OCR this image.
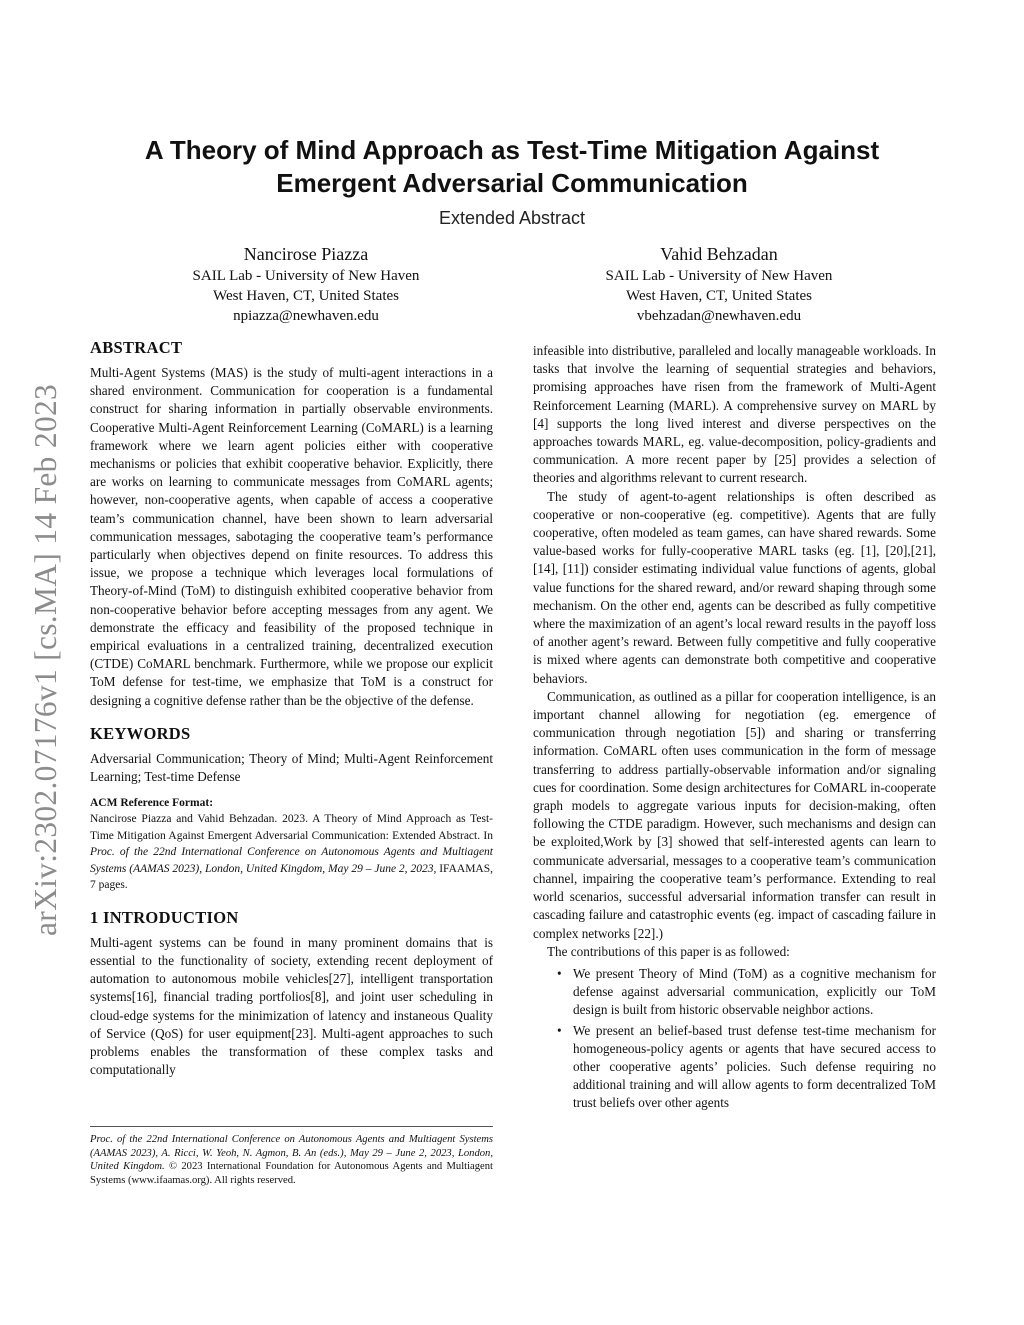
arXiv:2302.07176v1 [cs.MA] 14 Feb 2023
A Theory of Mind Approach as Test-Time Mitigation Against
Emergent Adversarial Communication
Extended Abstract
Nancirose Piazza
SAIL Lab - University of New Haven
West Haven, CT, United States
npiazza@newhaven.edu
Vahid Behzadan
SAIL Lab - University of New Haven
West Haven, CT, United States
vbehzadan@newhaven.edu
ABSTRACT

Multi-Agent Systems (MAS) is the study of multi-agent interactions in a shared environment. Communication for cooperation is a fundamental construct for sharing information in partially observable environments. Cooperative Multi-Agent Reinforcement Learning (CoMARL) is a learning framework where we learn agent policies either with cooperative mechanisms or policies that exhibit cooperative behavior. Explicitly, there are works on learning to communicate messages from CoMARL agents; however, non-cooperative agents, when capable of access a cooperative team’s communication channel, have been shown to learn adversarial communication messages, sabotaging the cooperative team’s performance particularly when objectives depend on finite resources. To address this issue, we propose a technique which leverages local formulations of Theory-of-Mind (ToM) to distinguish exhibited cooperative behavior from non-cooperative behavior before accepting messages from any agent. We demonstrate the efficacy and feasibility of the proposed technique in empirical evaluations in a centralized training, decentralized execution (CTDE) CoMARL benchmark. Furthermore, while we propose our explicit ToM defense for test-time, we emphasize that ToM is a construct for designing a cognitive defense rather than be the objective of the defense.

KEYWORDS

Adversarial Communication; Theory of Mind; Multi-Agent Reinforcement Learning; Test-time Defense

ACM Reference Format:

Nancirose Piazza and Vahid Behzadan. 2023. A Theory of Mind Approach as Test-Time Mitigation Against Emergent Adversarial Communication: Extended Abstract. In Proc. of the 22nd International Conference on Autonomous Agents and Multiagent Systems (AAMAS 2023), London, United Kingdom, May 29 – June 2, 2023, IFAAMAS, 7 pages.

1 INTRODUCTION

Multi-agent systems can be found in many prominent domains that is essential to the functionality of society, extending recent deployment of automation to autonomous mobile vehicles[27], intelligent transportation systems[16], financial trading portfolios[8], and joint user scheduling in cloud-edge systems for the minimization of latency and instaneous Quality of Service (QoS) for user equipment[23]. Multi-agent approaches to such problems enables the transformation of these complex tasks and computationally

Proc. of the 22nd International Conference on Autonomous Agents and Multiagent Systems (AAMAS 2023), A. Ricci, W. Yeoh, N. Agmon, B. An (eds.), May 29 – June 2, 2023, London, United Kingdom. © 2023 International Foundation for Autonomous Agents and Multiagent Systems (www.ifaamas.org). All rights reserved.

infeasible into distributive, paralleled and locally manageable workloads. In tasks that involve the learning of sequential strategies and behaviors, promising approaches have risen from the framework of Multi-Agent Reinforcement Learning (MARL). A comprehensive survey on MARL by [4] supports the long lived interest and diverse perspectives on the approaches towards MARL, eg. value-decomposition, policy-gradients and communication. A more recent paper by [25] provides a selection of theories and algorithms relevant to current research.

The study of agent-to-agent relationships is often described as cooperative or non-cooperative (eg. competitive). Agents that are fully cooperative, often modeled as team games, can have shared rewards. Some value-based works for fully-cooperative MARL tasks (eg. [1], [20],[21], [14], [11]) consider estimating individual value functions of agents, global value functions for the shared reward, and/or reward shaping through some mechanism. On the other end, agents can be described as fully competitive where the maximization of an agent’s local reward results in the payoff loss of another agent’s reward. Between fully competitive and fully cooperative is mixed where agents can demonstrate both competitive and cooperative behaviors.

Communication, as outlined as a pillar for cooperation intelligence, is an important channel allowing for negotiation (eg. emergence of communication through negotiation [5]) and sharing or transferring information. CoMARL often uses communication in the form of message transferring to address partially-observable information and/or signaling cues for coordination. Some design architectures for CoMARL in-cooperate graph models to aggregate various inputs for decision-making, often following the CTDE paradigm. However, such mechanisms and design can be exploited,Work by [3] showed that self-interested agents can learn to communicate adversarial, messages to a cooperative team’s communication channel, impairing the cooperative team’s performance. Extending to real world scenarios, successful adversarial information transfer can result in cascading failure and catastrophic events (eg. impact of cascading failure in complex networks [22].)

The contributions of this paper is as followed:

• We present Theory of Mind (ToM) as a cognitive mechanism for defense against adversarial communication, explicitly our ToM design is built from historic observable neighbor actions.
• We present an belief-based trust defense test-time mechanism for homogeneous-policy agents or agents that have secured access to other cooperative agents’ policies. Such defense requiring no additional training and will allow agents to form decentralized ToM trust beliefs over other agents
